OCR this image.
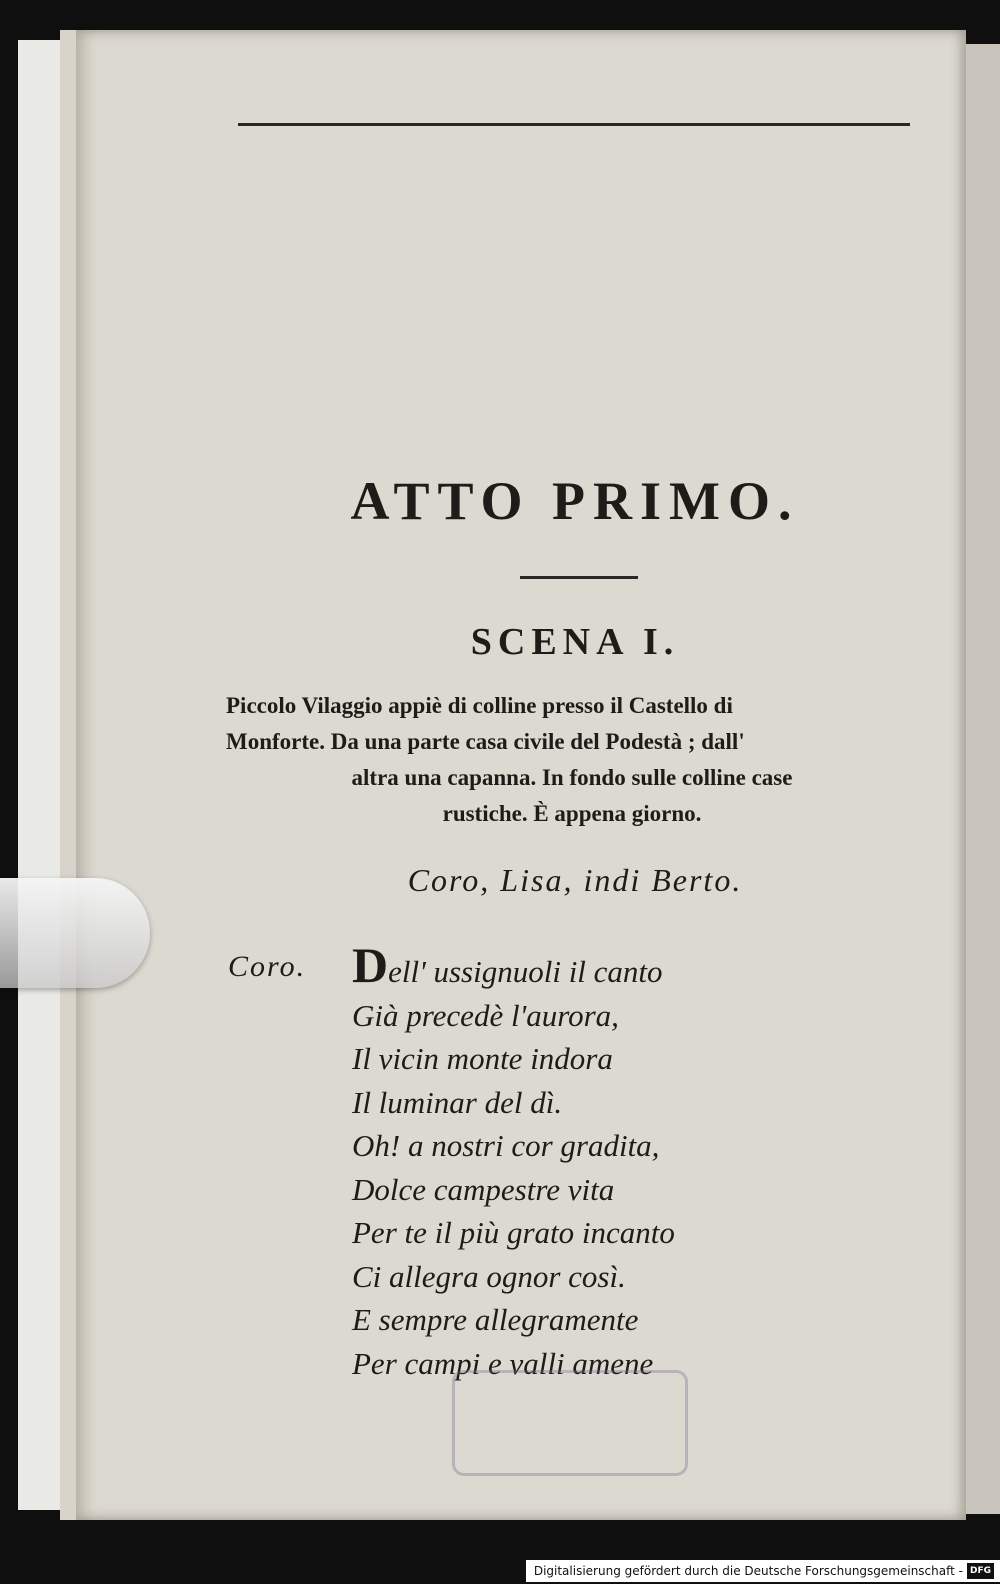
ATTO PRIMO.
SCENA I.
Piccolo Vilaggio appiè di colline presso il Castello di
Monforte. Da una parte casa civile del Podestà ; dall'
altra una capanna. In fondo sulle colline case
rustiche. È appena giorno.
Coro, Lisa, indi Berto.
Coro. Dell' ussignuoli il canto
Già precedè l'aurora,
Il vicin monte indora
Il luminar del dì.
Oh! a nostri cor gradita,
Dolce campestre vita
Per te il più grato incanto
Ci allegra ognor così.
E sempre allegramente
Per campi e valli amene
Digitalisierung gefördert durch die Deutsche Forschungsgemeinschaft - DFG
